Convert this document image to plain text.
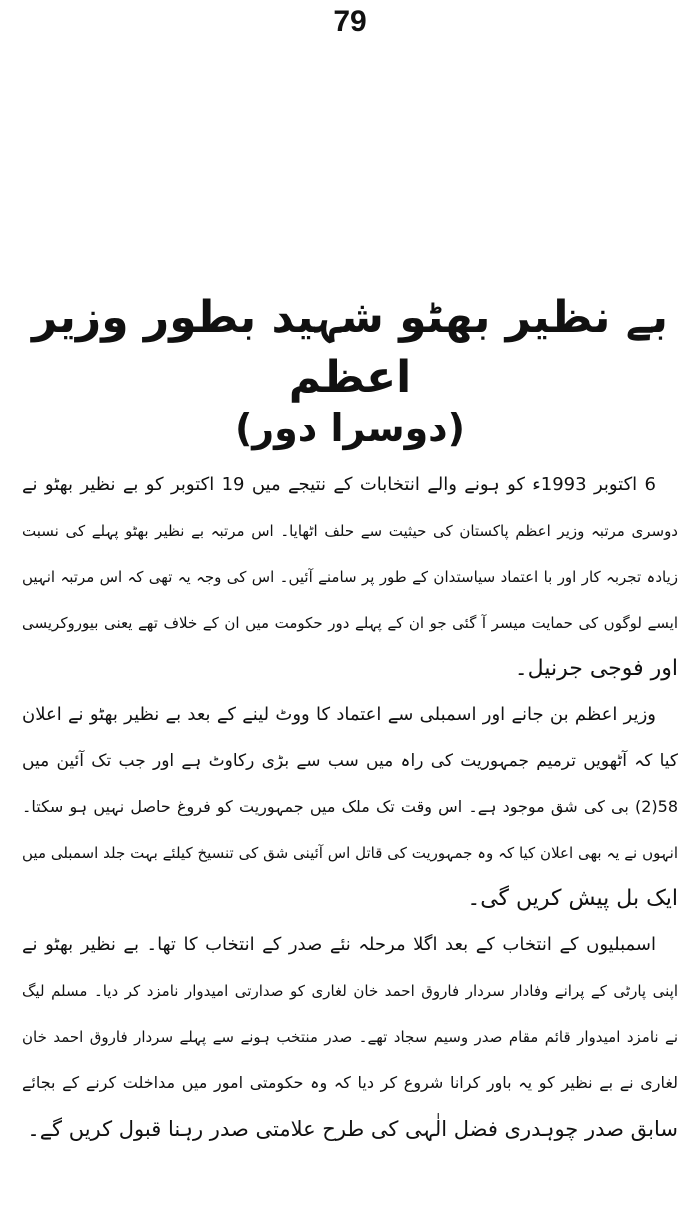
79
بے نظیر بھٹو شہید بطور وزیر اعظم
(دوسرا دور)
6 اکتوبر 1993ء کو ہونے والے انتخابات کے نتیجے میں 19 اکتوبر کو بے نظیر بھٹو نے
دوسری مرتبہ وزیر اعظم پاکستان کی حیثیت سے حلف اٹھایا۔ اس مرتبہ بے نظیر بھٹو پہلے کی نسبت
زیادہ تجربہ کار اور با اعتماد سیاستدان کے طور پر سامنے آئیں۔ اس کی وجہ یہ تھی کہ اس مرتبہ انہیں
ایسے لوگوں کی حمایت میسر آ گئی جو ان کے پہلے دور حکومت میں ان کے خلاف تھے یعنی بیوروکریسی
اور فوجی جرنیل۔
وزیر اعظم بن جانے اور اسمبلی سے اعتماد کا ووٹ لینے کے بعد بے نظیر بھٹو نے اعلان
کیا کہ آٹھویں ترمیم جمہوریت کی راہ میں سب سے بڑی رکاوٹ ہے اور جب تک آئین میں
58(2) بی کی شق موجود ہے۔ اس وقت تک ملک میں جمہوریت کو فروغ حاصل نہیں ہو سکتا۔
انہوں نے یہ بھی اعلان کیا کہ وہ جمہوریت کی قاتل اس آئینی شق کی تنسیخ کیلئے بہت جلد اسمبلی میں
ایک بل پیش کریں گی۔
اسمبلیوں کے انتخاب کے بعد اگلا مرحلہ نئے صدر کے انتخاب کا تھا۔ بے نظیر بھٹو نے
اپنی پارٹی کے پرانے وفادار سردار فاروق احمد خان لغاری کو صدارتی امیدوار نامزد کر دیا۔ مسلم لیگ
نے نامزد امیدوار قائم مقام صدر وسیم سجاد تھے۔ صدر منتخب ہونے سے پہلے سردار فاروق احمد خان
لغاری نے بے نظیر کو یہ باور کرانا شروع کر دیا کہ وہ حکومتی امور میں مداخلت کرنے کے بجائے
سابق صدر چوہدری فضل الٰہی کی طرح علامتی صدر رہنا قبول کریں گے۔
